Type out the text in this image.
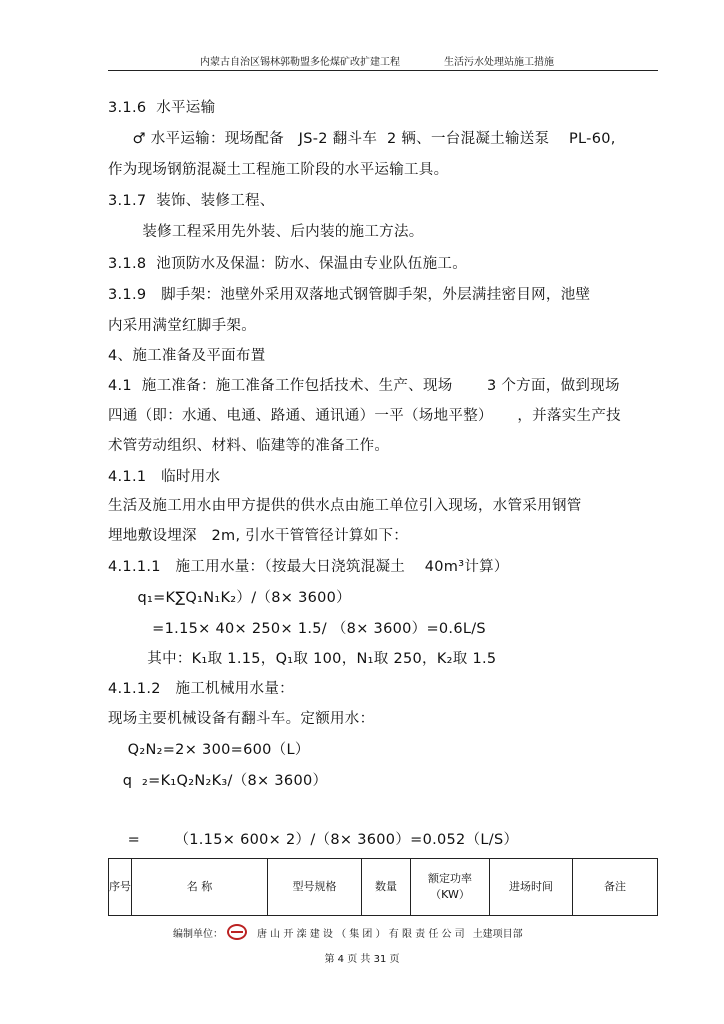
内蒙古自治区锡林郭勒盟多伦煤矿改扩建工程	生活污水处理站施工措施
3.1.6  水平运输
♂ 水平运输：现场配备   JS-2 翻斗车  2 辆、一台混凝土输送泵    PL-60,
作为现场钢筋混凝土工程施工阶段的水平运输工具。
3.1.7  装饰、装修工程、
装修工程采用先外装、后内装的施工方法。
3.1.8  池顶防水及保温：防水、保温由专业队伍施工。
3.1.9   脚手架：池壁外采用双落地式钢管脚手架，外层满挂密目网，池壁
内采用满堂红脚手架。
4、施工准备及平面布置
4.1  施工准备：施工准备工作包括技术、生产、现场       3 个方面，做到现场
四通（即：水通、电通、路通、通讯通）一平（场地平整）     ，并落实生产技
术管劳动组织、材料、临建等的准备工作。
4.1.1   临时用水
生活及施工用水由甲方提供的供水点由施工单位引入现场，水管采用钢管
埋地敷设埋深   2m, 引水干管管径计算如下：
4.1.1.1   施工用水量：（按最大日浇筑混凝土    40m³计算）
q₁=K∑Q₁N₁K₂）/（8× 3600）
=1.15× 40× 250× 1.5/ （8× 3600）=0.6L/S
其中：K₁取 1.15，Q₁取 100，N₁取 250，K₂取 1.5
4.1.1.2   施工机械用水量：
现场主要机械设备有翻斗车。定额用水：
Q₂N₂=2× 300=600（L）
q  ₂=K₁Q₂N₂K₃/（8× 3600）
=       （1.15× 600× 2）/（8× 3600）=0.052（L/S）
序号	名 称	型号规格	数量	额定功率（KW）	进场时间	备注
编制单位：	唐 山 开 滦 建 设 （ 集 团 ） 有 限 责 任 公 司 土建项目部
第 4 页 共 31 页
